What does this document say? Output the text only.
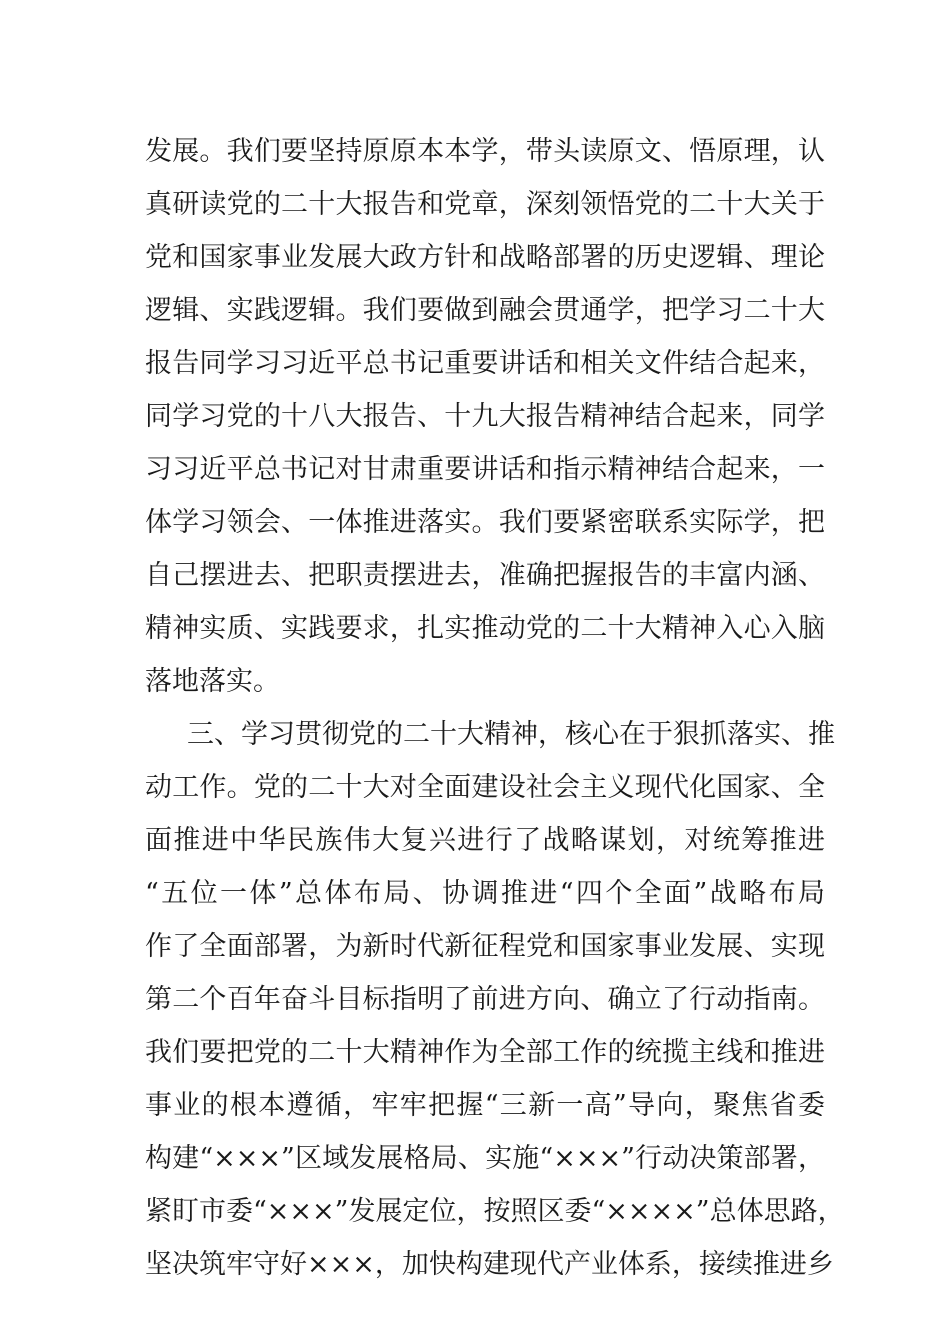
发展。我们要坚持原原本本学，带头读原文、悟原理，认
真研读党的二十大报告和党章，深刻领悟党的二十大关于
党和国家事业发展大政方针和战略部署的历史逻辑、理论
逻辑、实践逻辑。我们要做到融会贯通学，把学习二十大
报告同学习习近平总书记重要讲话和相关文件结合起来，
同学习党的十八大报告、十九大报告精神结合起来，同学
习习近平总书记对甘肃重要讲话和指示精神结合起来，一
体学习领会、一体推进落实。我们要紧密联系实际学，把
自己摆进去、把职责摆进去，准确把握报告的丰富内涵、
精神实质、实践要求，扎实推动党的二十大精神入心入脑
落地落实。
三、学习贯彻党的二十大精神，核心在于狠抓落实、推
动工作。党的二十大对全面建设社会主义现代化国家、全
面推进中华民族伟大复兴进行了战略谋划，对统筹推进
“五位一体”总体布局、协调推进“四个全面”战略布局
作了全面部署，为新时代新征程党和国家事业发展、实现
第二个百年奋斗目标指明了前进方向、确立了行动指南。
我们要把党的二十大精神作为全部工作的统揽主线和推进
事业的根本遵循，牢牢把握“三新一高”导向，聚焦省委
构建“×××”区域发展格局、实施“×××”行动决策部署，
紧盯市委“×××”发展定位，按照区委“××××”总体思路，
坚决筑牢守好×××，加快构建现代产业体系，接续推进乡
